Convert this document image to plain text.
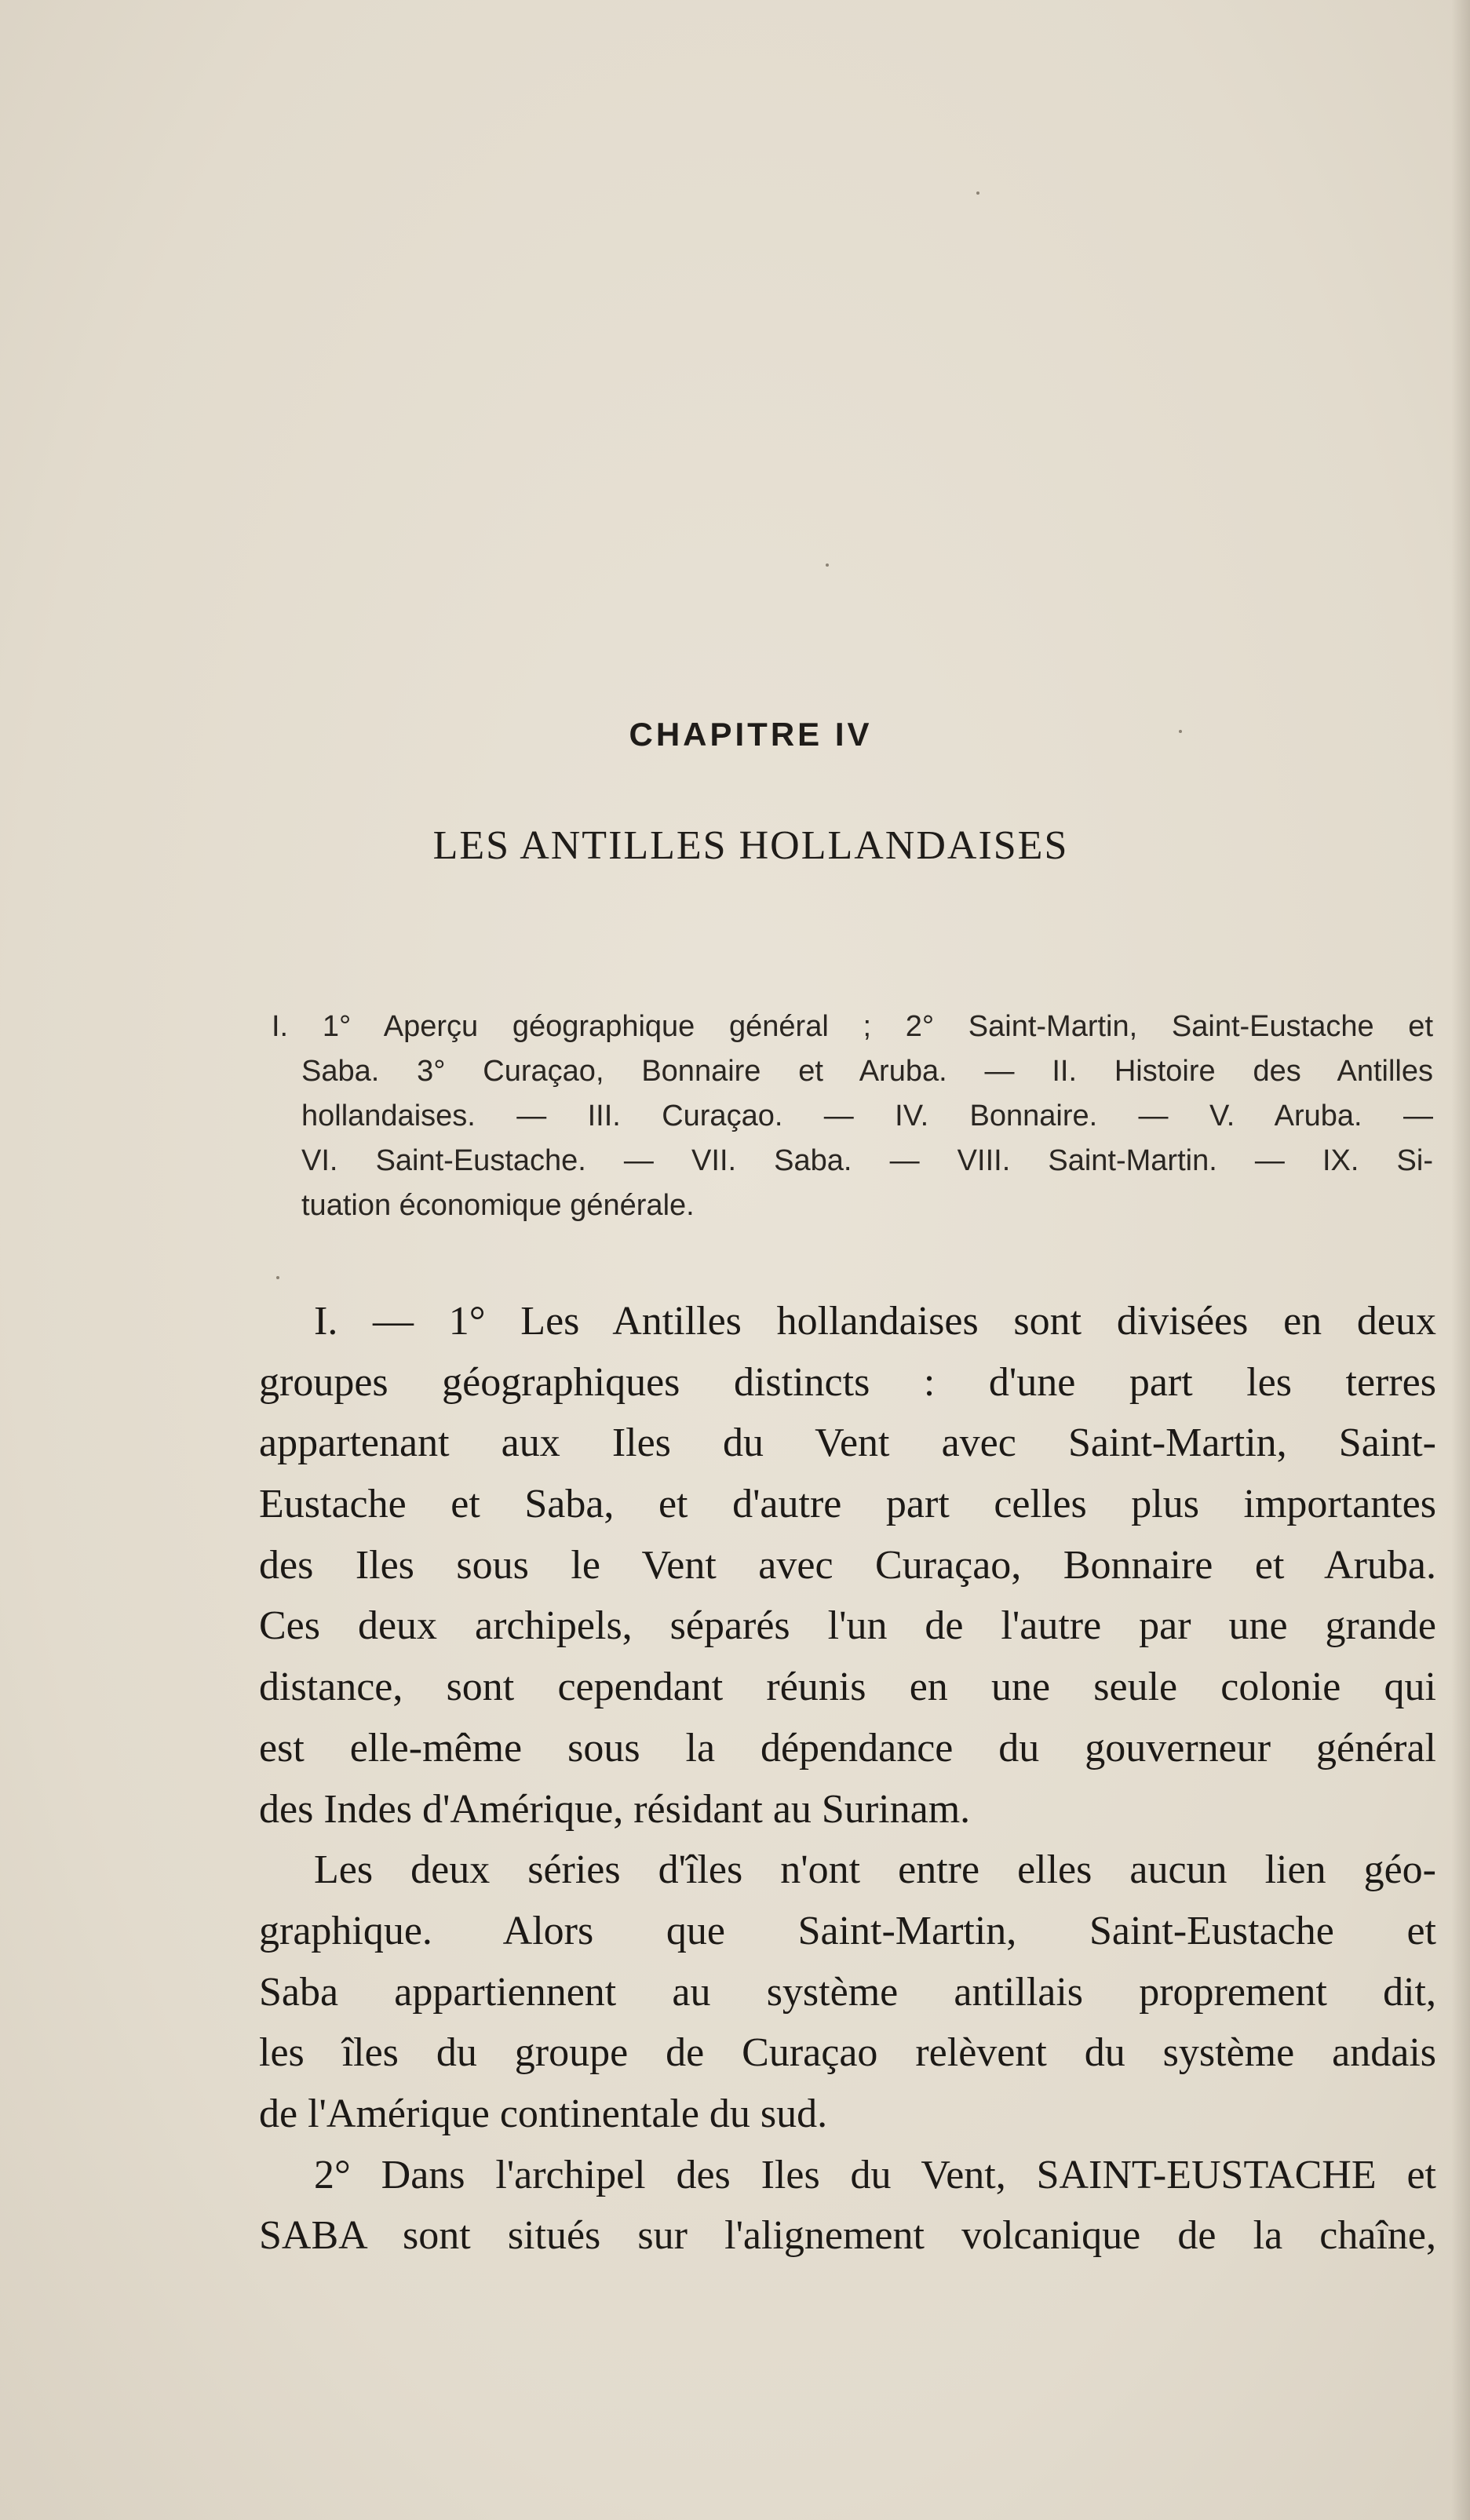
CHAPITRE IV
LES ANTILLES HOLLANDAISES
I. 1° Aperçu géographique général ; 2° Saint-Martin, Saint-Eustache et
Saba. 3° Curaçao, Bonnaire et Aruba. — II. Histoire des Antilles
hollandaises. — III. Curaçao. — IV. Bonnaire. — V. Aruba. —
VI. Saint-Eustache. — VII. Saba. — VIII. Saint-Martin. — IX. Si-
tuation économique générale.
I. — 1° Les Antilles hollandaises sont divisées en deux
groupes géographiques distincts : d'une part les terres
appartenant aux Iles du Vent avec Saint-Martin, Saint-
Eustache et Saba, et d'autre part celles plus importantes
des Iles sous le Vent avec Curaçao, Bonnaire et Aruba.
Ces deux archipels, séparés l'un de l'autre par une grande
distance, sont cependant réunis en une seule colonie qui
est elle-même sous la dépendance du gouverneur général
des Indes d'Amérique, résidant au Surinam.
Les deux séries d'îles n'ont entre elles aucun lien géo-
graphique. Alors que Saint-Martin, Saint-Eustache et
Saba appartiennent au système antillais proprement dit,
les îles du groupe de Curaçao relèvent du système andais
de l'Amérique continentale du sud.
2° Dans l'archipel des Iles du Vent, SAINT-EUSTACHE et
SABA sont situés sur l'alignement volcanique de la chaîne,
